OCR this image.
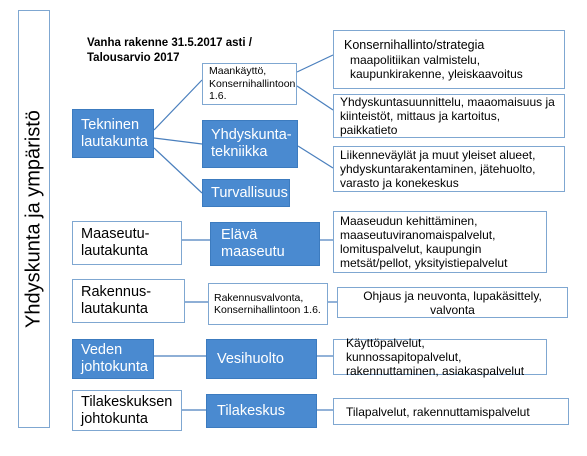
Yhdyskunta ja ympäristö
Vanha rakenne 31.5.2017 asti /
Talousarvio 2017
Tekninen lautakunta
Maaseutu-lautakunta
Rakennus-lautakunta
Veden johtokunta
Tilakeskuksen johtokunta
Maankäyttö, Konsernihallintoon 1.6.
Yhdyskunta-tekniikka
Turvallisuus
Elävä maaseutu
Rakennusvalvonta, Konsernihallintoon 1.6.
Vesihuolto
Tilakeskus
Konsernihallinto/strategia
maapolitiikan valmistelu, kaupunkirakenne, yleiskaavoitus
Yhdyskuntasuunnittelu, maaomaisuus ja kiinteistöt, mittaus ja kartoitus, paikkatieto
Liikenneväylät ja muut yleiset alueet, yhdyskuntarakentaminen, jätehuolto, varasto ja konekeskus
Maaseudun kehittäminen, maaseutuviranomaispalvelut, lomituspalvelut, kaupungin metsät/pellot, yksityistiepalvelut
Ohjaus ja neuvonta, lupakäsittely, valvonta
Käyttöpalvelut, kunnossapitopalvelut, rakennuttaminen, asiakaspalvelut
Tilapalvelut, rakennuttamispalvelut
